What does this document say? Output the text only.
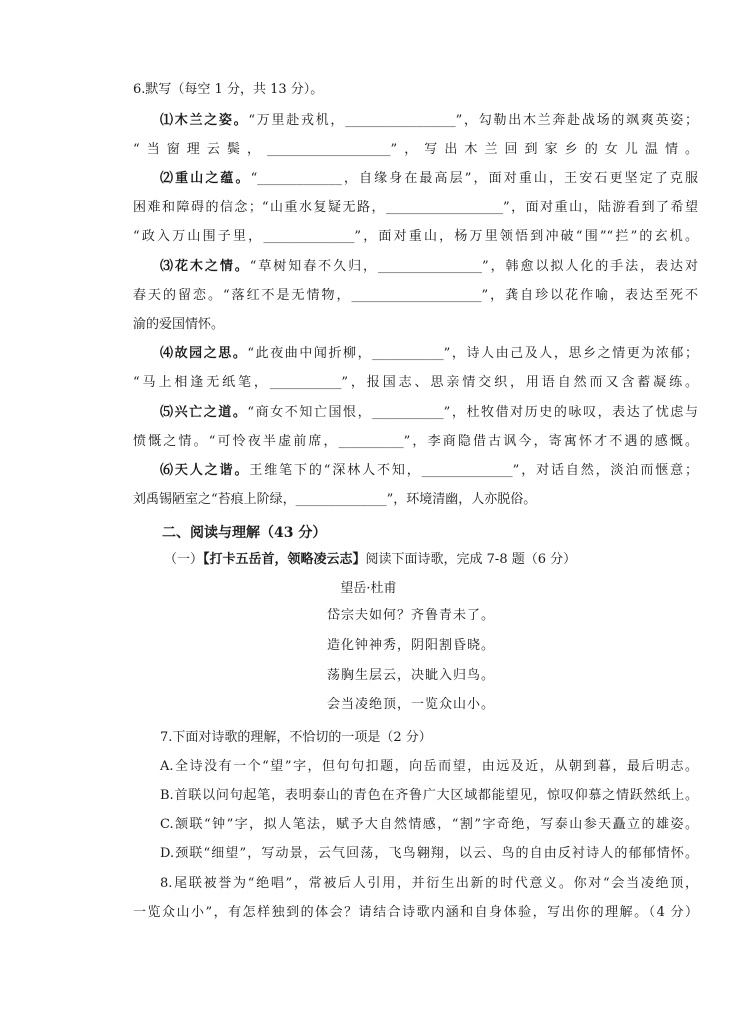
6.默写（每空 1 分，共 13 分）。
⑴木兰之姿。“万里赴戎机，_________________”，勾勒出木兰奔赴战场的飒爽英姿；
“当窗理云鬓，___________________”，写出木兰回到家乡的女儿温情。
⑵重山之蕴。“_____________，自缘身在最高层”，面对重山，王安石更坚定了克服
困难和障碍的信念；“山重水复疑无路，__________________”，面对重山，陆游看到了希望
“政入万山围子里，______________”，面对重山，杨万里领悟到冲破“围”“拦”的玄机。
⑶花木之情。“草树知春不久归，________________”，韩愈以拟人化的手法，表达对
春天的留恋。“落红不是无情物，____________________”，龚自珍以花作喻，表达至死不
渝的爱国情怀。
⑷故园之思。“此夜曲中闻折柳，___________”，诗人由己及人，思乡之情更为浓郁；
“马上相逢无纸笔，___________”，报国志、思亲情交织，用语自然而又含蓄凝练。
⑸兴亡之道。“商女不知亡国恨，___________”，杜牧借对历史的咏叹，表达了忧虑与
愤慨之情。“可怜夜半虚前席，__________”，李商隐借古讽今，寄寓怀才不遇的感慨。
⑹天人之谐。王维笔下的“深林人不知，______________”，对话自然，淡泊而惬意；
刘禹锡陋室之“苔痕上阶绿，______________”，环境清幽，人亦脱俗。
二、阅读与理解（43 分）
（一）【打卡五岳首，领略凌云志】阅读下面诗歌，完成 7-8 题（6 分）
望岳·杜甫
岱宗夫如何？齐鲁青未了。
造化钟神秀，阴阳割昏晓。
荡胸生层云，决眦入归鸟。
会当凌绝顶，一览众山小。
7.下面对诗歌的理解，不恰切的一项是（2 分）
A.全诗没有一个“望”字，但句句扣题，向岳而望，由远及近，从朝到暮，最后明志。
B.首联以问句起笔，表明泰山的青色在齐鲁广大区域都能望见，惊叹仰慕之情跃然纸上。
C.颔联“钟”字，拟人笔法，赋予大自然情感，“割”字奇绝，写泰山参天矗立的雄姿。
D.颈联“细望”，写动景，云气回荡，飞鸟翱翔，以云、鸟的自由反衬诗人的郁郁情怀。
8.尾联被誉为“绝唱”，常被后人引用，并衍生出新的时代意义。你对“会当凌绝顶，
一览众山小”，有怎样独到的体会？请结合诗歌内涵和自身体验，写出你的理解。（4 分）
